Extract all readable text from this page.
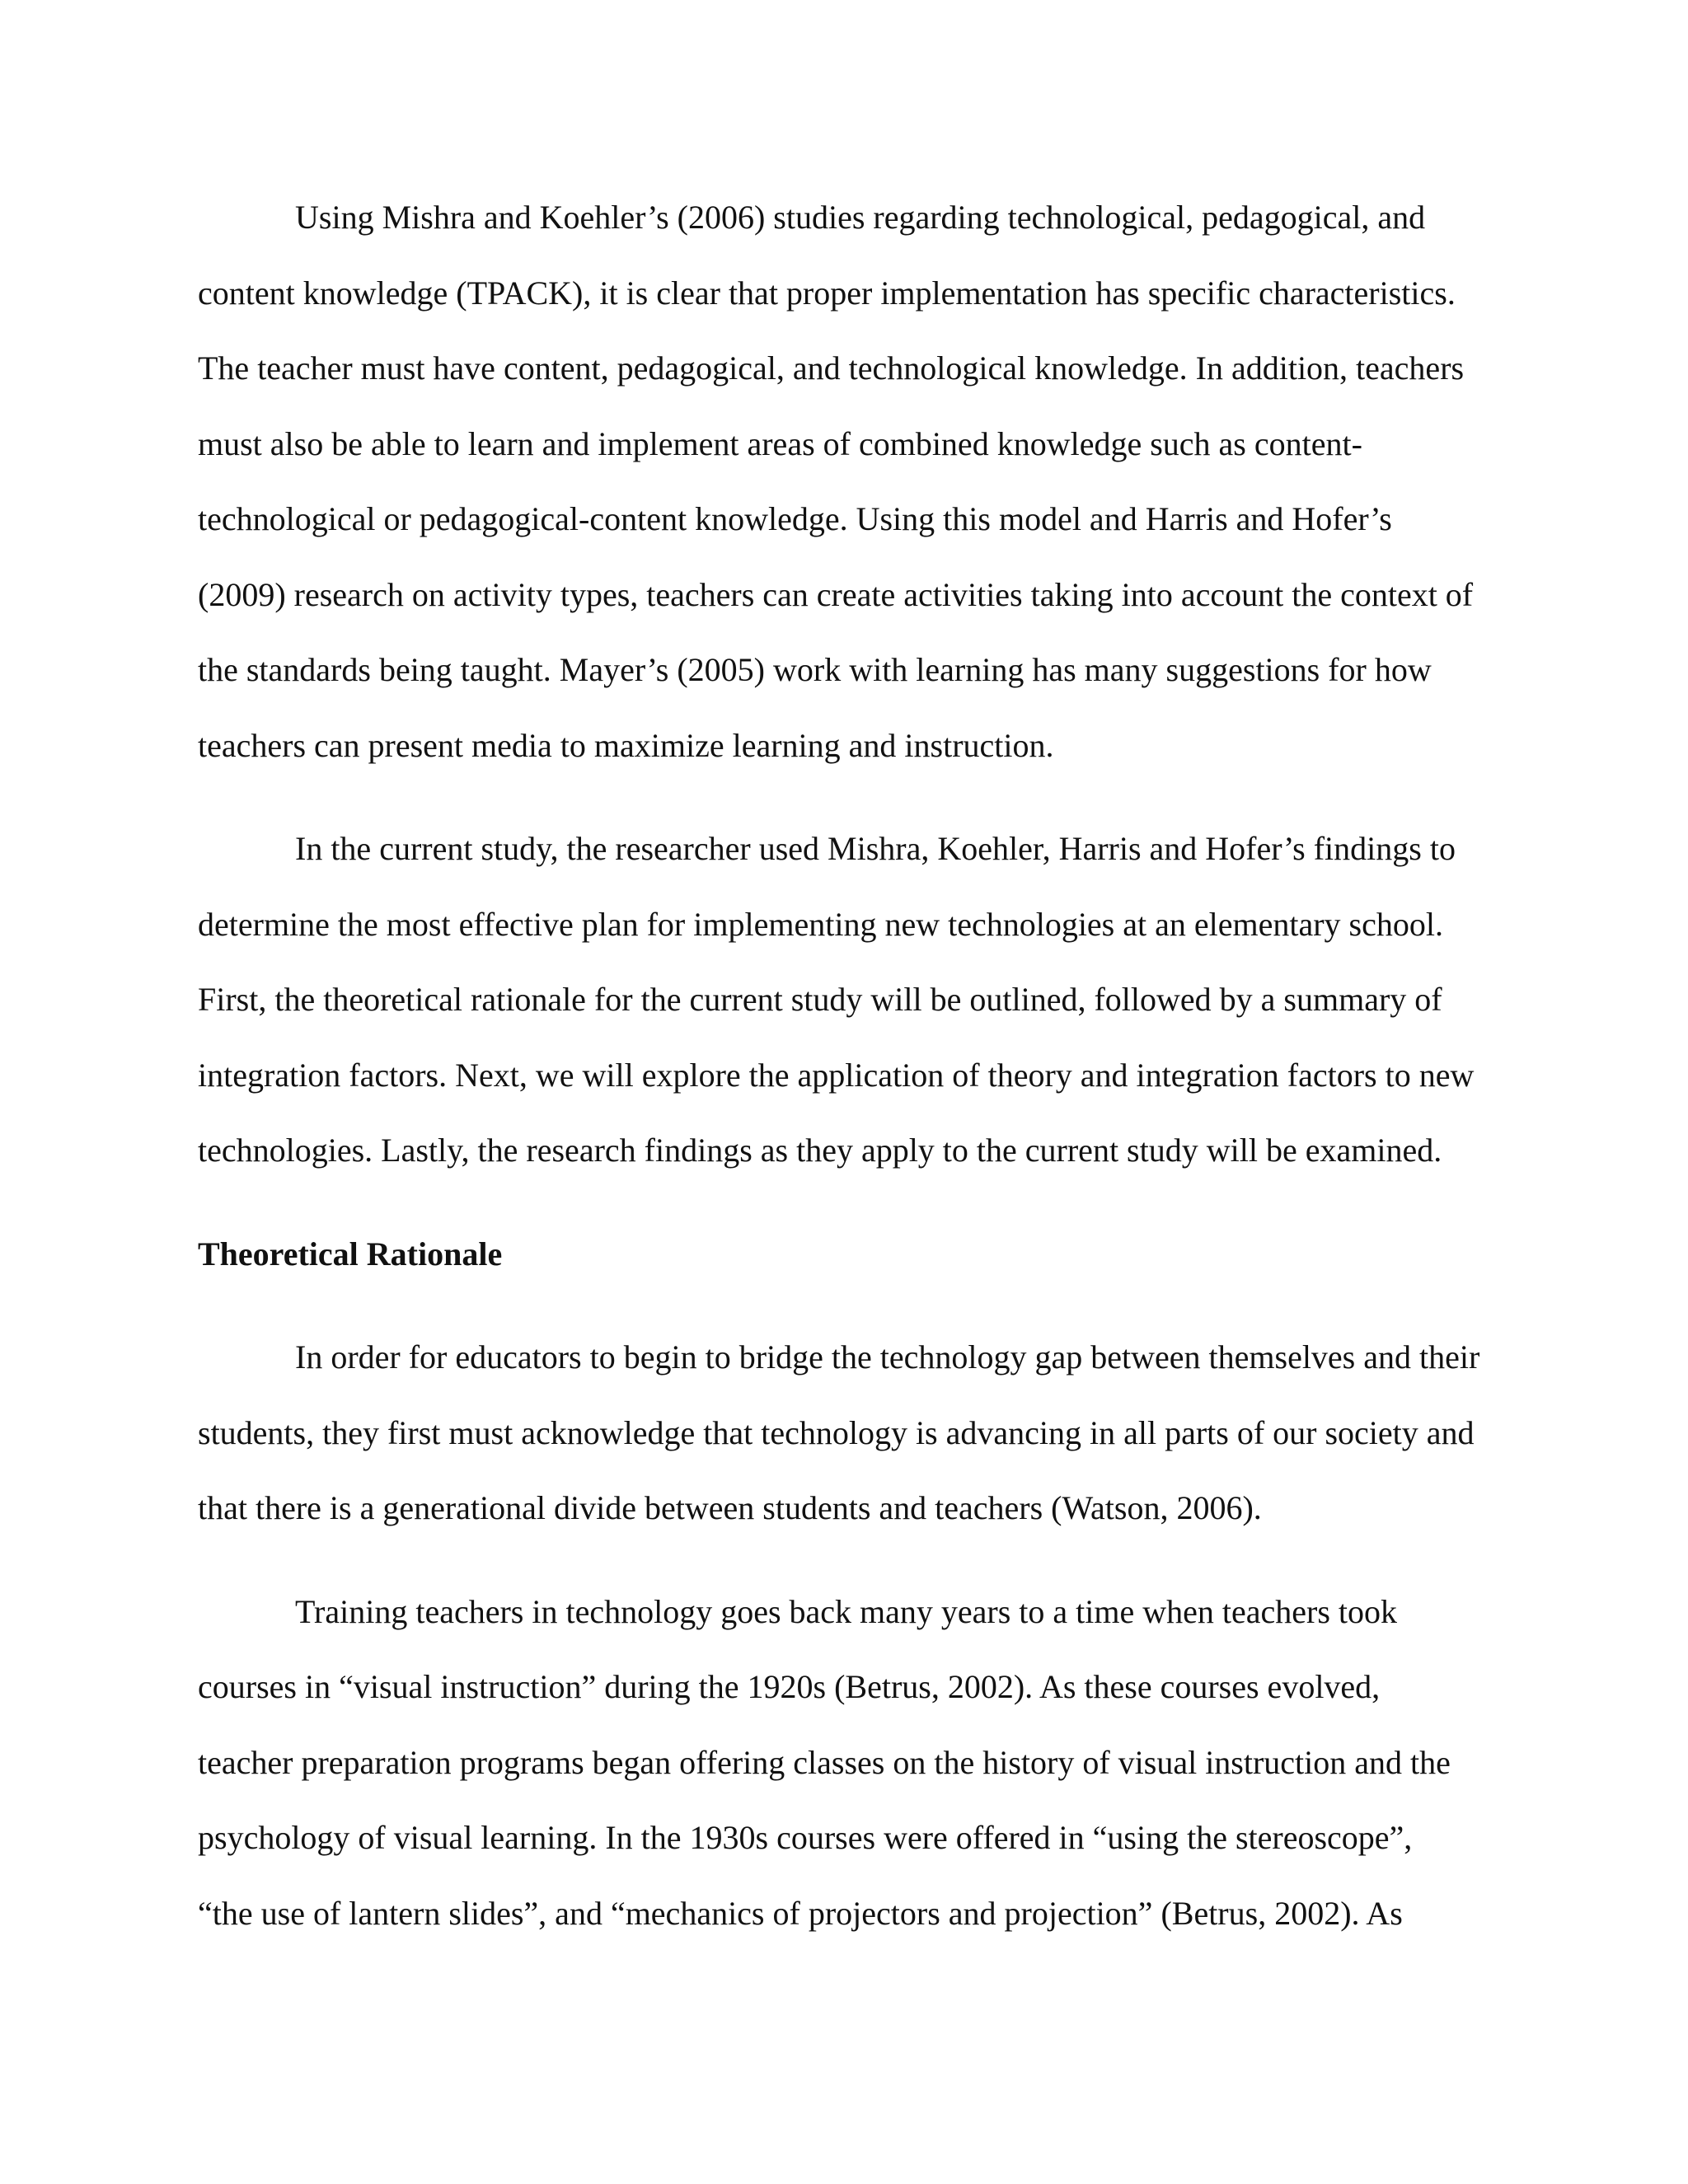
Using Mishra and Koehler’s (2006) studies regarding technological, pedagogical, and
content knowledge (TPACK), it is clear that proper implementation has specific characteristics.
The teacher must have content, pedagogical, and technological knowledge. In addition, teachers
must also be able to learn and implement areas of combined knowledge such as content-
technological or pedagogical-content knowledge. Using this model and Harris and Hofer’s
(2009) research on activity types, teachers can create activities taking into account the context of
the standards being taught. Mayer’s (2005) work with learning has many suggestions for how
teachers can present media to maximize learning and instruction.
In the current study, the researcher used Mishra, Koehler, Harris and Hofer’s findings to
determine the most effective plan for implementing new technologies at an elementary school.
First, the theoretical rationale for the current study will be outlined, followed by a summary of
integration factors. Next, we will explore the application of theory and integration factors to new
technologies. Lastly, the research findings as they apply to the current study will be examined.
Theoretical Rationale
In order for educators to begin to bridge the technology gap between themselves and their
students, they first must acknowledge that technology is advancing in all parts of our society and
that there is a generational divide between students and teachers (Watson, 2006).
Training teachers in technology goes back many years to a time when teachers took
courses in “visual instruction” during the 1920s (Betrus, 2002). As these courses evolved,
teacher preparation programs began offering classes on the history of visual instruction and the
psychology of visual learning. In the 1930s courses were offered in “using the stereoscope”,
“the use of lantern slides”, and “mechanics of projectors and projection” (Betrus, 2002). As
